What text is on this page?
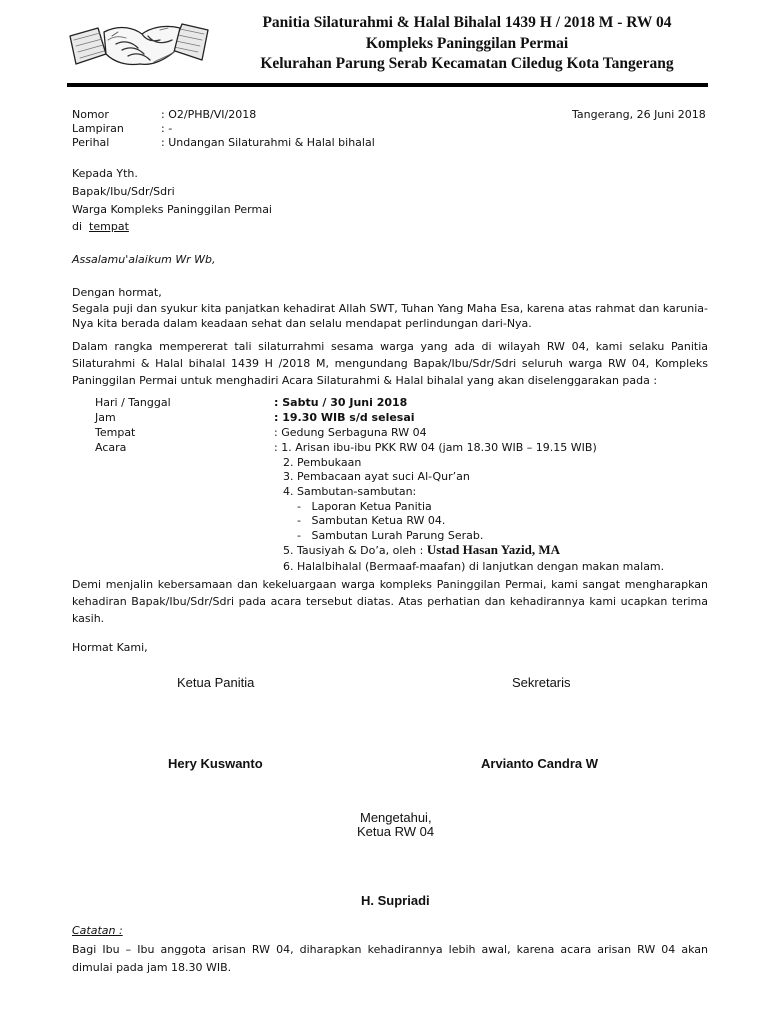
Panitia Silaturahmi & Halal Bihalal 1439 H / 2018 M - RW 04
Kompleks Paninggilan Permai
Kelurahan Parung Serab Kecamatan Ciledug Kota Tangerang
Nomor	: O2/PHB/VI/2018
Lampiran	: -
Perihal	: Undangan Silaturahmi & Halal bihalal
Tangerang, 26 Juni 2018
Kepada Yth.
Bapak/Ibu/Sdr/Sdri
Warga Kompleks Paninggilan Permai
di  tempat
Assalamu'alaikum Wr Wb,
Dengan hormat,
Segala puji dan syukur kita panjatkan kehadirat Allah SWT, Tuhan Yang Maha Esa, karena atas rahmat dan karunia-Nya kita berada dalam keadaan sehat dan selalu mendapat perlindungan dari-Nya.
Dalam rangka mempererat tali silaturrahmi sesama warga yang ada di wilayah RW 04, kami selaku Panitia Silaturahmi & Halal bihalal 1439 H /2018 M, mengundang Bapak/Ibu/Sdr/Sdri seluruh warga RW 04, Kompleks Paninggilan Permai untuk menghadiri Acara Silaturahmi & Halal bihalal yang akan diselenggarakan pada :
Hari / Tanggal	: Sabtu / 30 Juni 2018
Jam	: 19.30 WIB s/d selesai
Tempat	: Gedung Serbaguna RW 04
Acara	: 1. Arisan ibu-ibu PKK RW 04 (jam 18.30 WIB – 19.15 WIB)
2. Pembukaan
3. Pembacaan ayat suci Al-Qur’an
4. Sambutan-sambutan:
-   Laporan Ketua Panitia
-   Sambutan Ketua RW 04.
-   Sambutan Lurah Parung Serab.
5. Tausiyah & Do’a, oleh : Ustad Hasan Yazid, MA
6. Halalbihalal (Bermaaf-maafan) di lanjutkan dengan makan malam.
Demi menjalin kebersamaan dan kekeluargaan warga kompleks Paninggilan Permai, kami sangat mengharapkan kehadiran Bapak/Ibu/Sdr/Sdri pada acara tersebut diatas. Atas perhatian dan kehadirannya kami ucapkan terima kasih.
Hormat Kami,
Ketua Panitia
Hery Kuswanto
Sekretaris
Arvianto Candra W
Mengetahui,
Ketua RW 04
H. Supriadi
Catatan :
Bagi Ibu – Ibu anggota arisan RW 04, diharapkan kehadirannya lebih awal, karena acara arisan RW 04 akan dimulai pada jam 18.30 WIB.
